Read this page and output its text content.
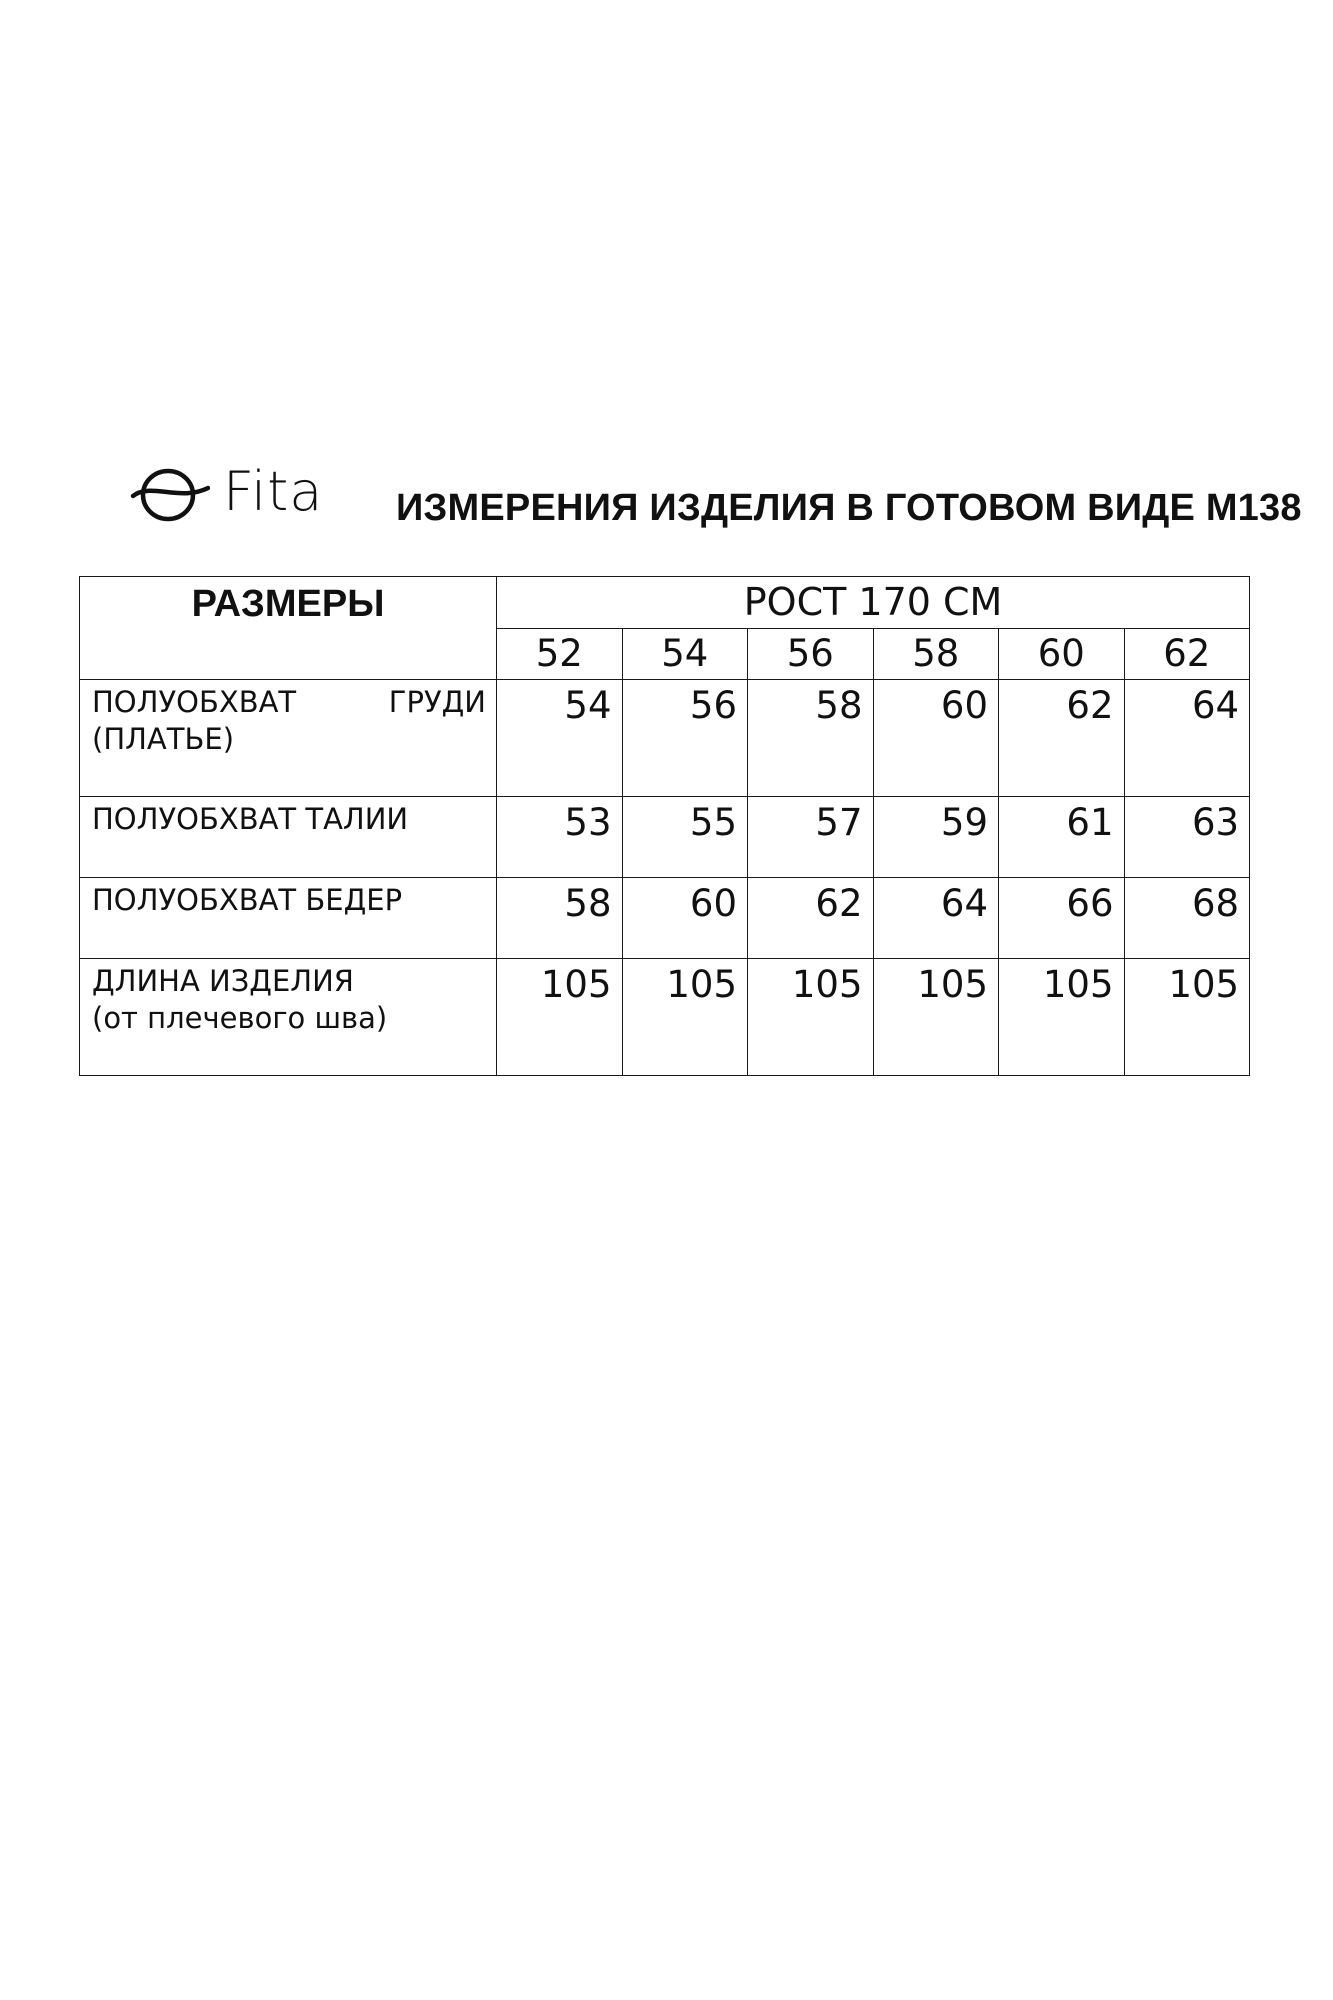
Fita ИЗМЕРЕНИЯ ИЗДЕЛИЯ В ГОТОВОМ ВИДЕ М138
РАЗМЕРЫ	РОСТ 170 СМ					
	52	54	56	58	60	62

ПОЛУОБХВАТ ГРУДИ
(ПЛАТЬЕ)	54	56	58	60	62	64

ПОЛУОБХВАТ ТАЛИИ	53	55	57	59	61	63

ПОЛУОБХВАТ БЕДЕР	58	60	62	64	66	68

ДЛИНА ИЗДЕЛИЯ
(от плечевого шва)	105	105	105	105	105	105
